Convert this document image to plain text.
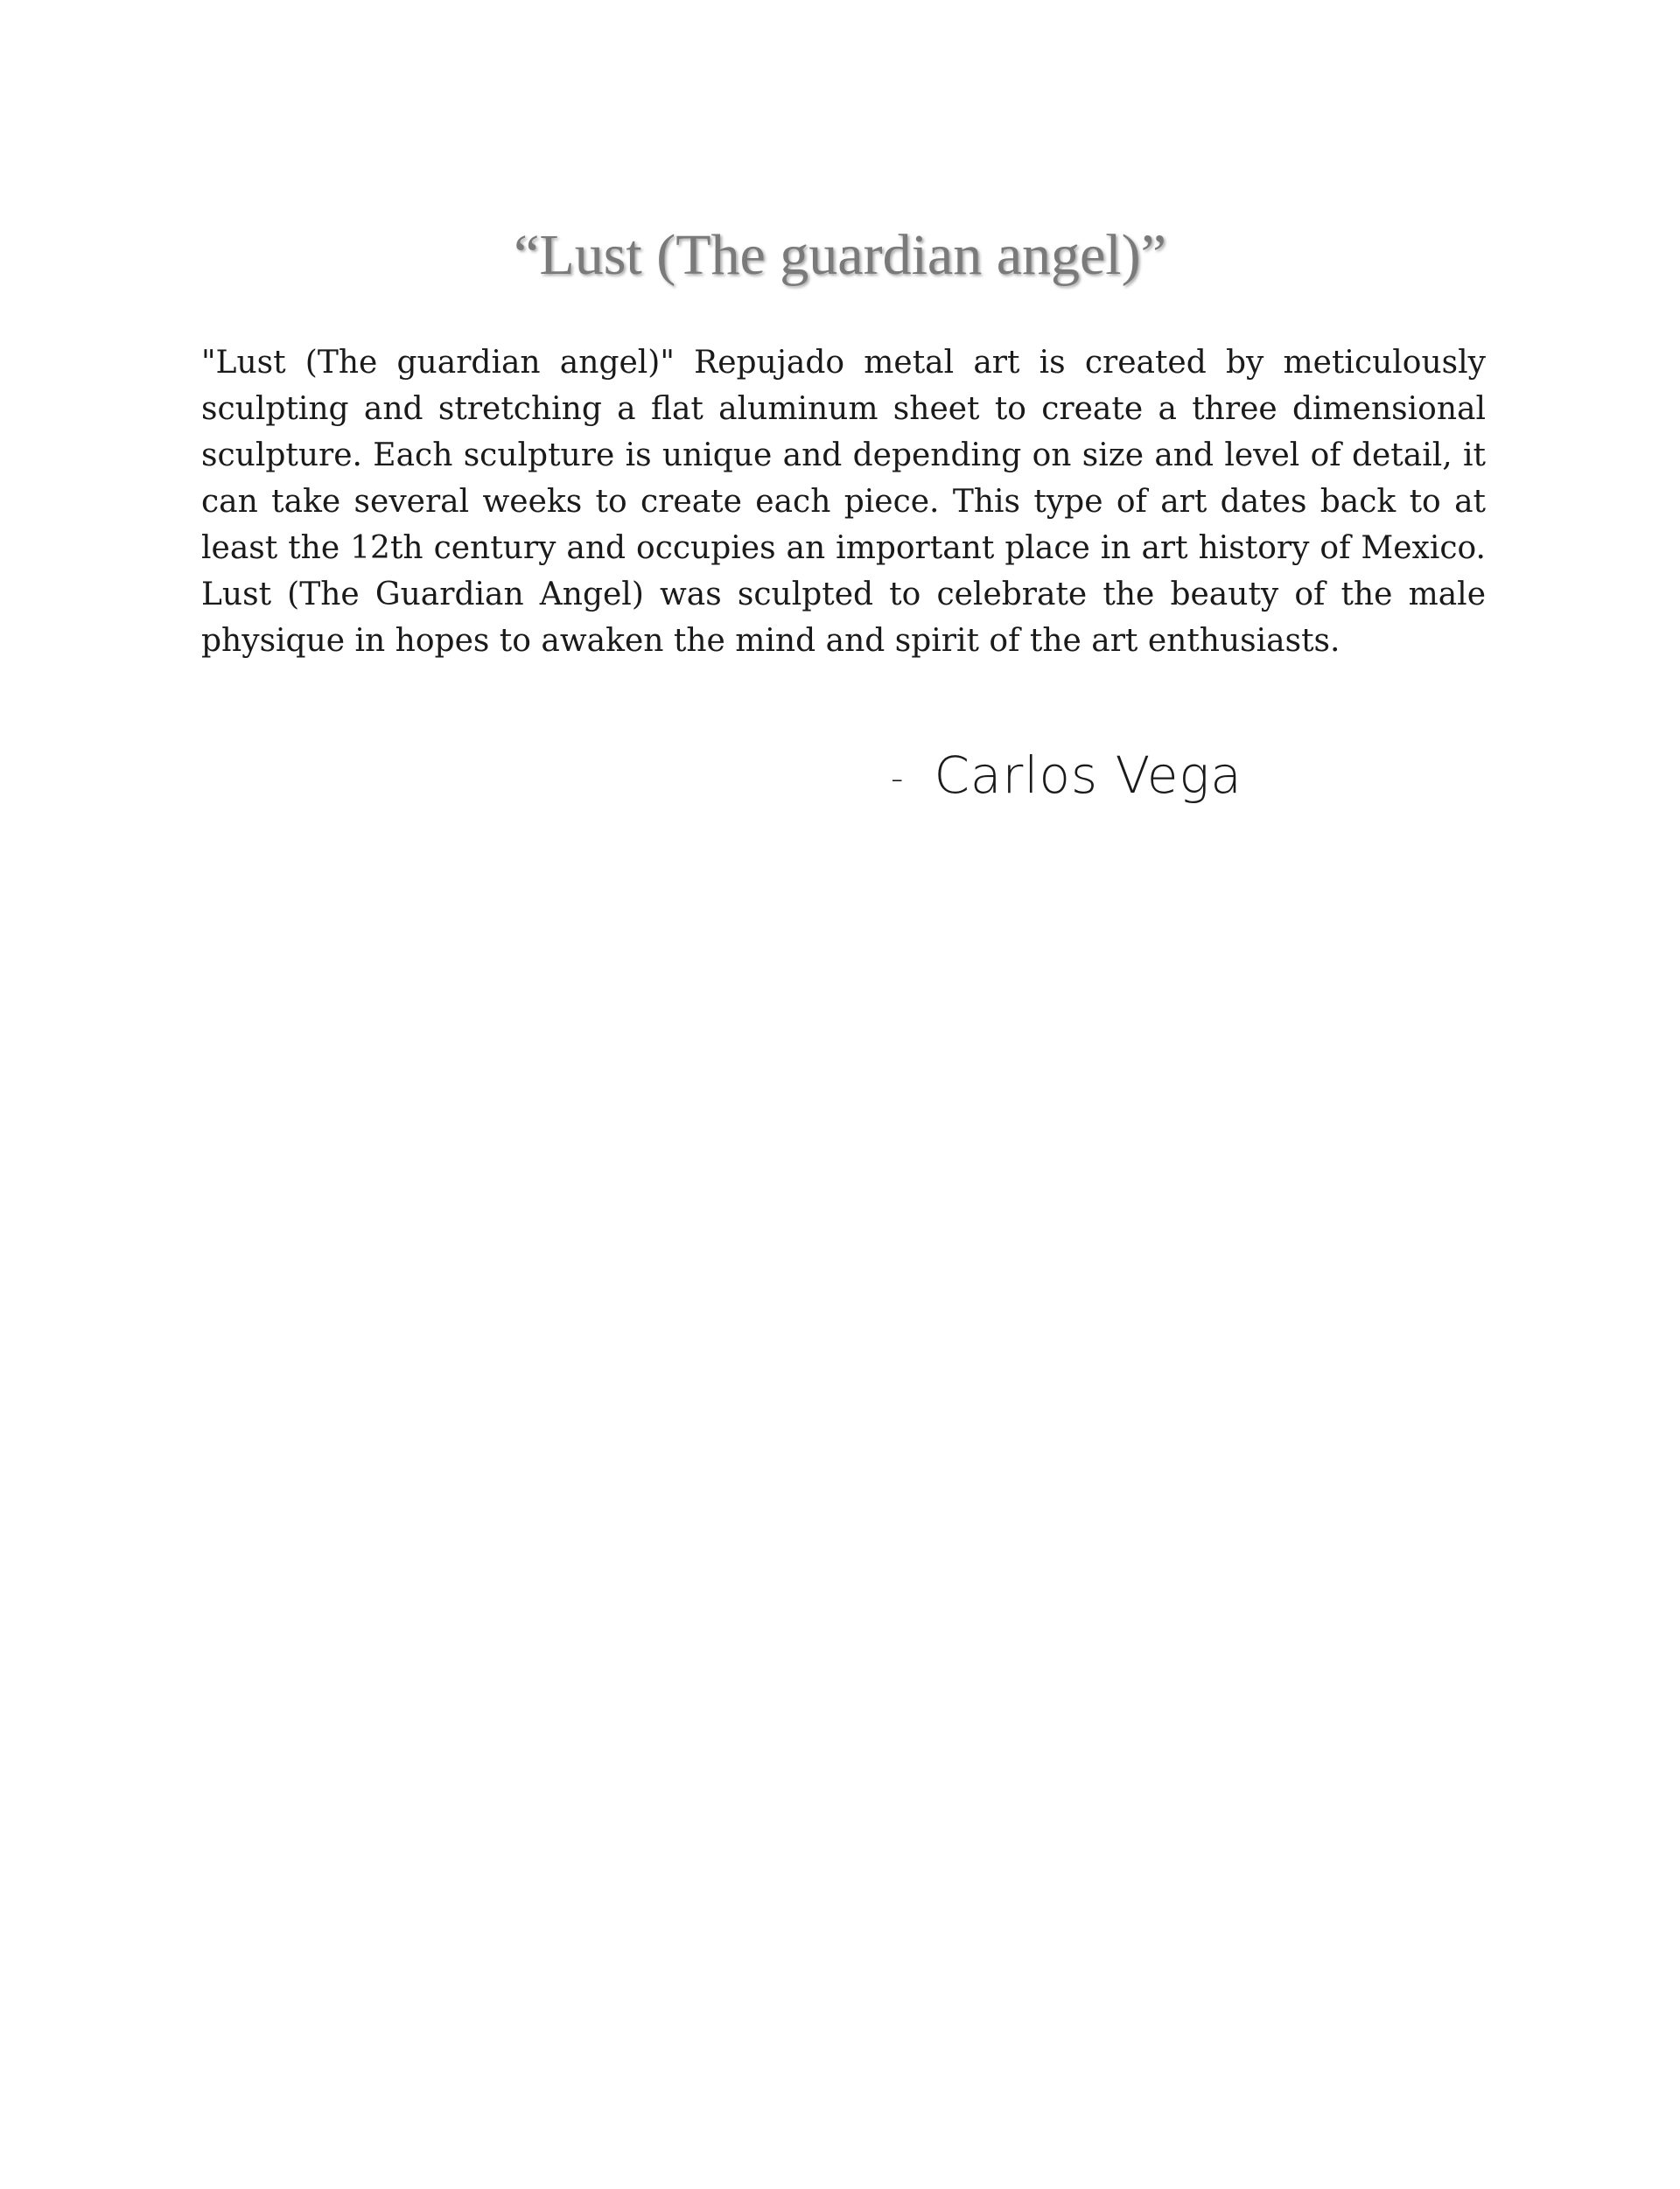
“Lust (The guardian angel)”

"Lust (The guardian angel)" Repujado metal art is created by meticulously sculpting and stretching a flat aluminum sheet to create a three dimensional sculpture. Each sculpture is unique and depending on size and level of detail, it can take several weeks to create each piece. This type of art dates back to at least the 12th century and occupies an important place in art history of Mexico. Lust (The Guardian Angel) was sculpted to celebrate the beauty of the male physique in hopes to awaken the mind and spirit of the art enthusiasts.

- Carlos Vega
